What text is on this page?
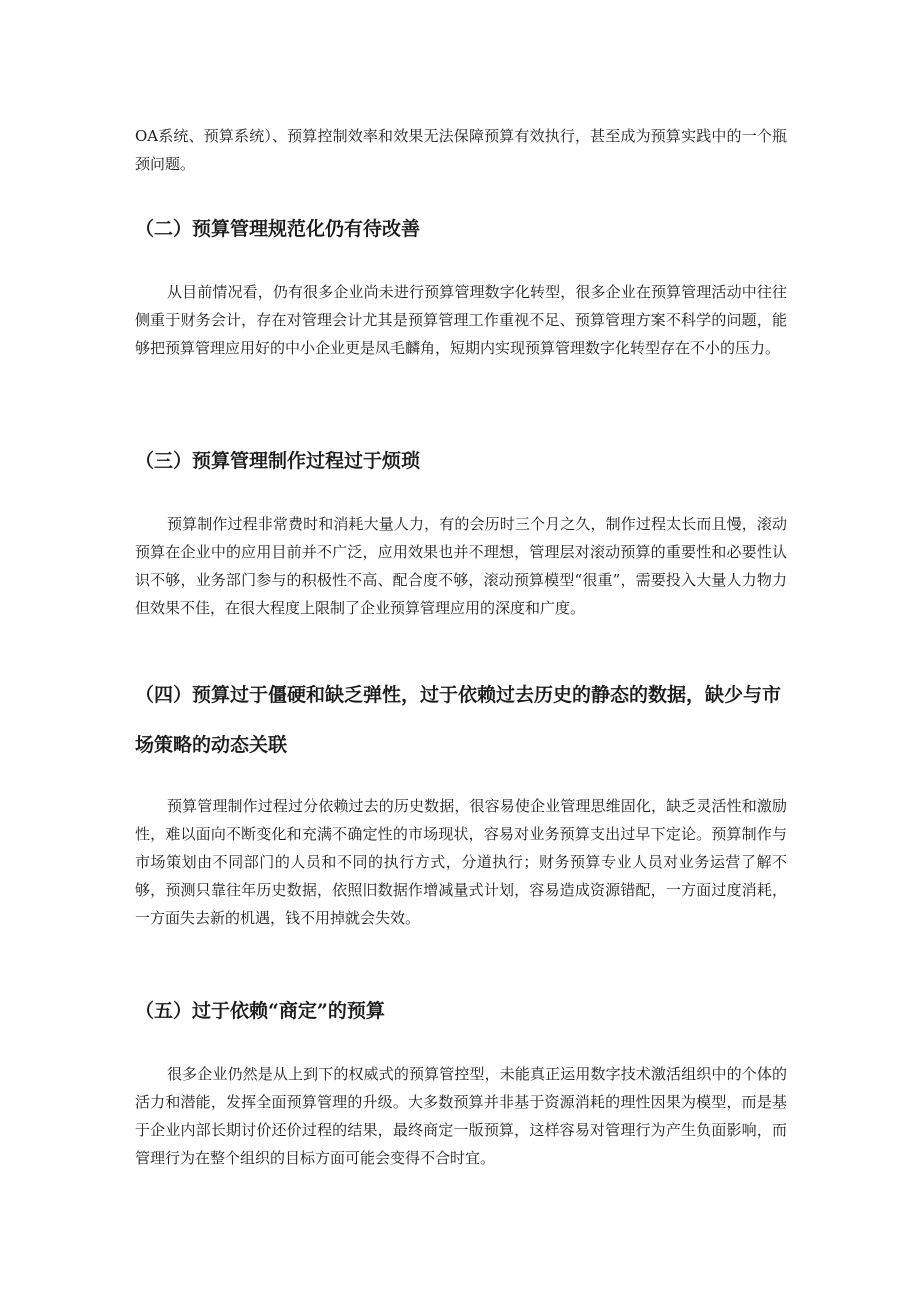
OA系统、预算系统）、预算控制效率和效果无法保障预算有效执行，甚至成为预算实践中的一个瓶颈问题。

（二）预算管理规范化仍有待改善

从目前情况看，仍有很多企业尚未进行预算管理数字化转型，很多企业在预算管理活动中往往侧重于财务会计，存在对管理会计尤其是预算管理工作重视不足、预算管理方案不科学的问题，能够把预算管理应用好的中小企业更是凤毛麟角，短期内实现预算管理数字化转型存在不小的压力。

（三）预算管理制作过程过于烦琐

预算制作过程非常费时和消耗大量人力，有的会历时三个月之久，制作过程太长而且慢，滚动预算在企业中的应用目前并不广泛，应用效果也并不理想，管理层对滚动预算的重要性和必要性认识不够，业务部门参与的积极性不高、配合度不够，滚动预算模型“很重”，需要投入大量人力物力但效果不佳，在很大程度上限制了企业预算管理应用的深度和广度。

（四）预算过于僵硬和缺乏弹性，过于依赖过去历史的静态的数据，缺少与市场策略的动态关联

预算管理制作过程过分依赖过去的历史数据，很容易使企业管理思维固化，缺乏灵活性和激励性，难以面向不断变化和充满不确定性的市场现状，容易对业务预算支出过早下定论。预算制作与市场策划由不同部门的人员和不同的执行方式，分道执行；财务预算专业人员对业务运营了解不够，预测只靠往年历史数据，依照旧数据作增减量式计划，容易造成资源错配，一方面过度消耗，一方面失去新的机遇，钱不用掉就会失效。

（五）过于依赖“商定”的预算

很多企业仍然是从上到下的权威式的预算管控型，未能真正运用数字技术激活组织中的个体的活力和潜能，发挥全面预算管理的升级。大多数预算并非基于资源消耗的理性因果为模型，而是基于企业内部长期讨价还价过程的结果，最终商定一版预算，这样容易对管理行为产生负面影响，而管理行为在整个组织的目标方面可能会变得不合时宜。
